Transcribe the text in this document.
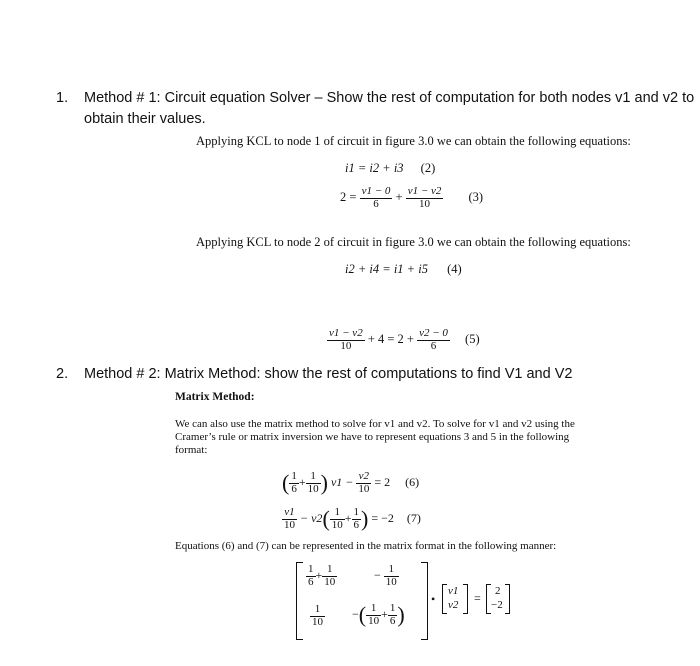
1. Method # 1: Circuit equation Solver – Show the rest of computation for both nodes v1 and v2 to
obtain their values.
Applying KCL to node 1 of circuit in figure 3.0 we can obtain the following equations:
i1 = i2 + i3 (2)
$2 = \frac{v1 - 0}{6} + \frac{v1 - v2}{10} (3)$
Applying KCL to node 2 of circuit in figure 3.0 we can obtain the following equations:
i2 + i4 = i1 + i5 (4)
$\frac{v1 - v2}{10} + 4 = 2 + \frac{v2 - 0}{6} (5)$
2. Method # 2: Matrix Method: show the rest of computations to find V1 and V2
Matrix Method:
We can also use the matrix method to solve for v1 and v2. To solve for v1 and v2 using the
Cramer’s rule or matrix inversion we have to represent equations 3 and 5 in the following
format:
( $\frac{1}{6} + \frac{1}{10}$ ) $v1 - \frac{v2}{10} = 2$ (6)
$\frac{v1}{10} - v2( \frac{1}{10} + \frac{1}{6}$ ) = −2 (7)
Equations (6) and (7) can be represented in the matrix format in the following manner:
$\frac{1}{6} + \frac{1}{10}$	− $\frac{1}{10}$
$\frac{1}{10}$ −( $\frac{1}{10} + \frac{1}{6}$ )
•
v1
v2 = 2
−2
